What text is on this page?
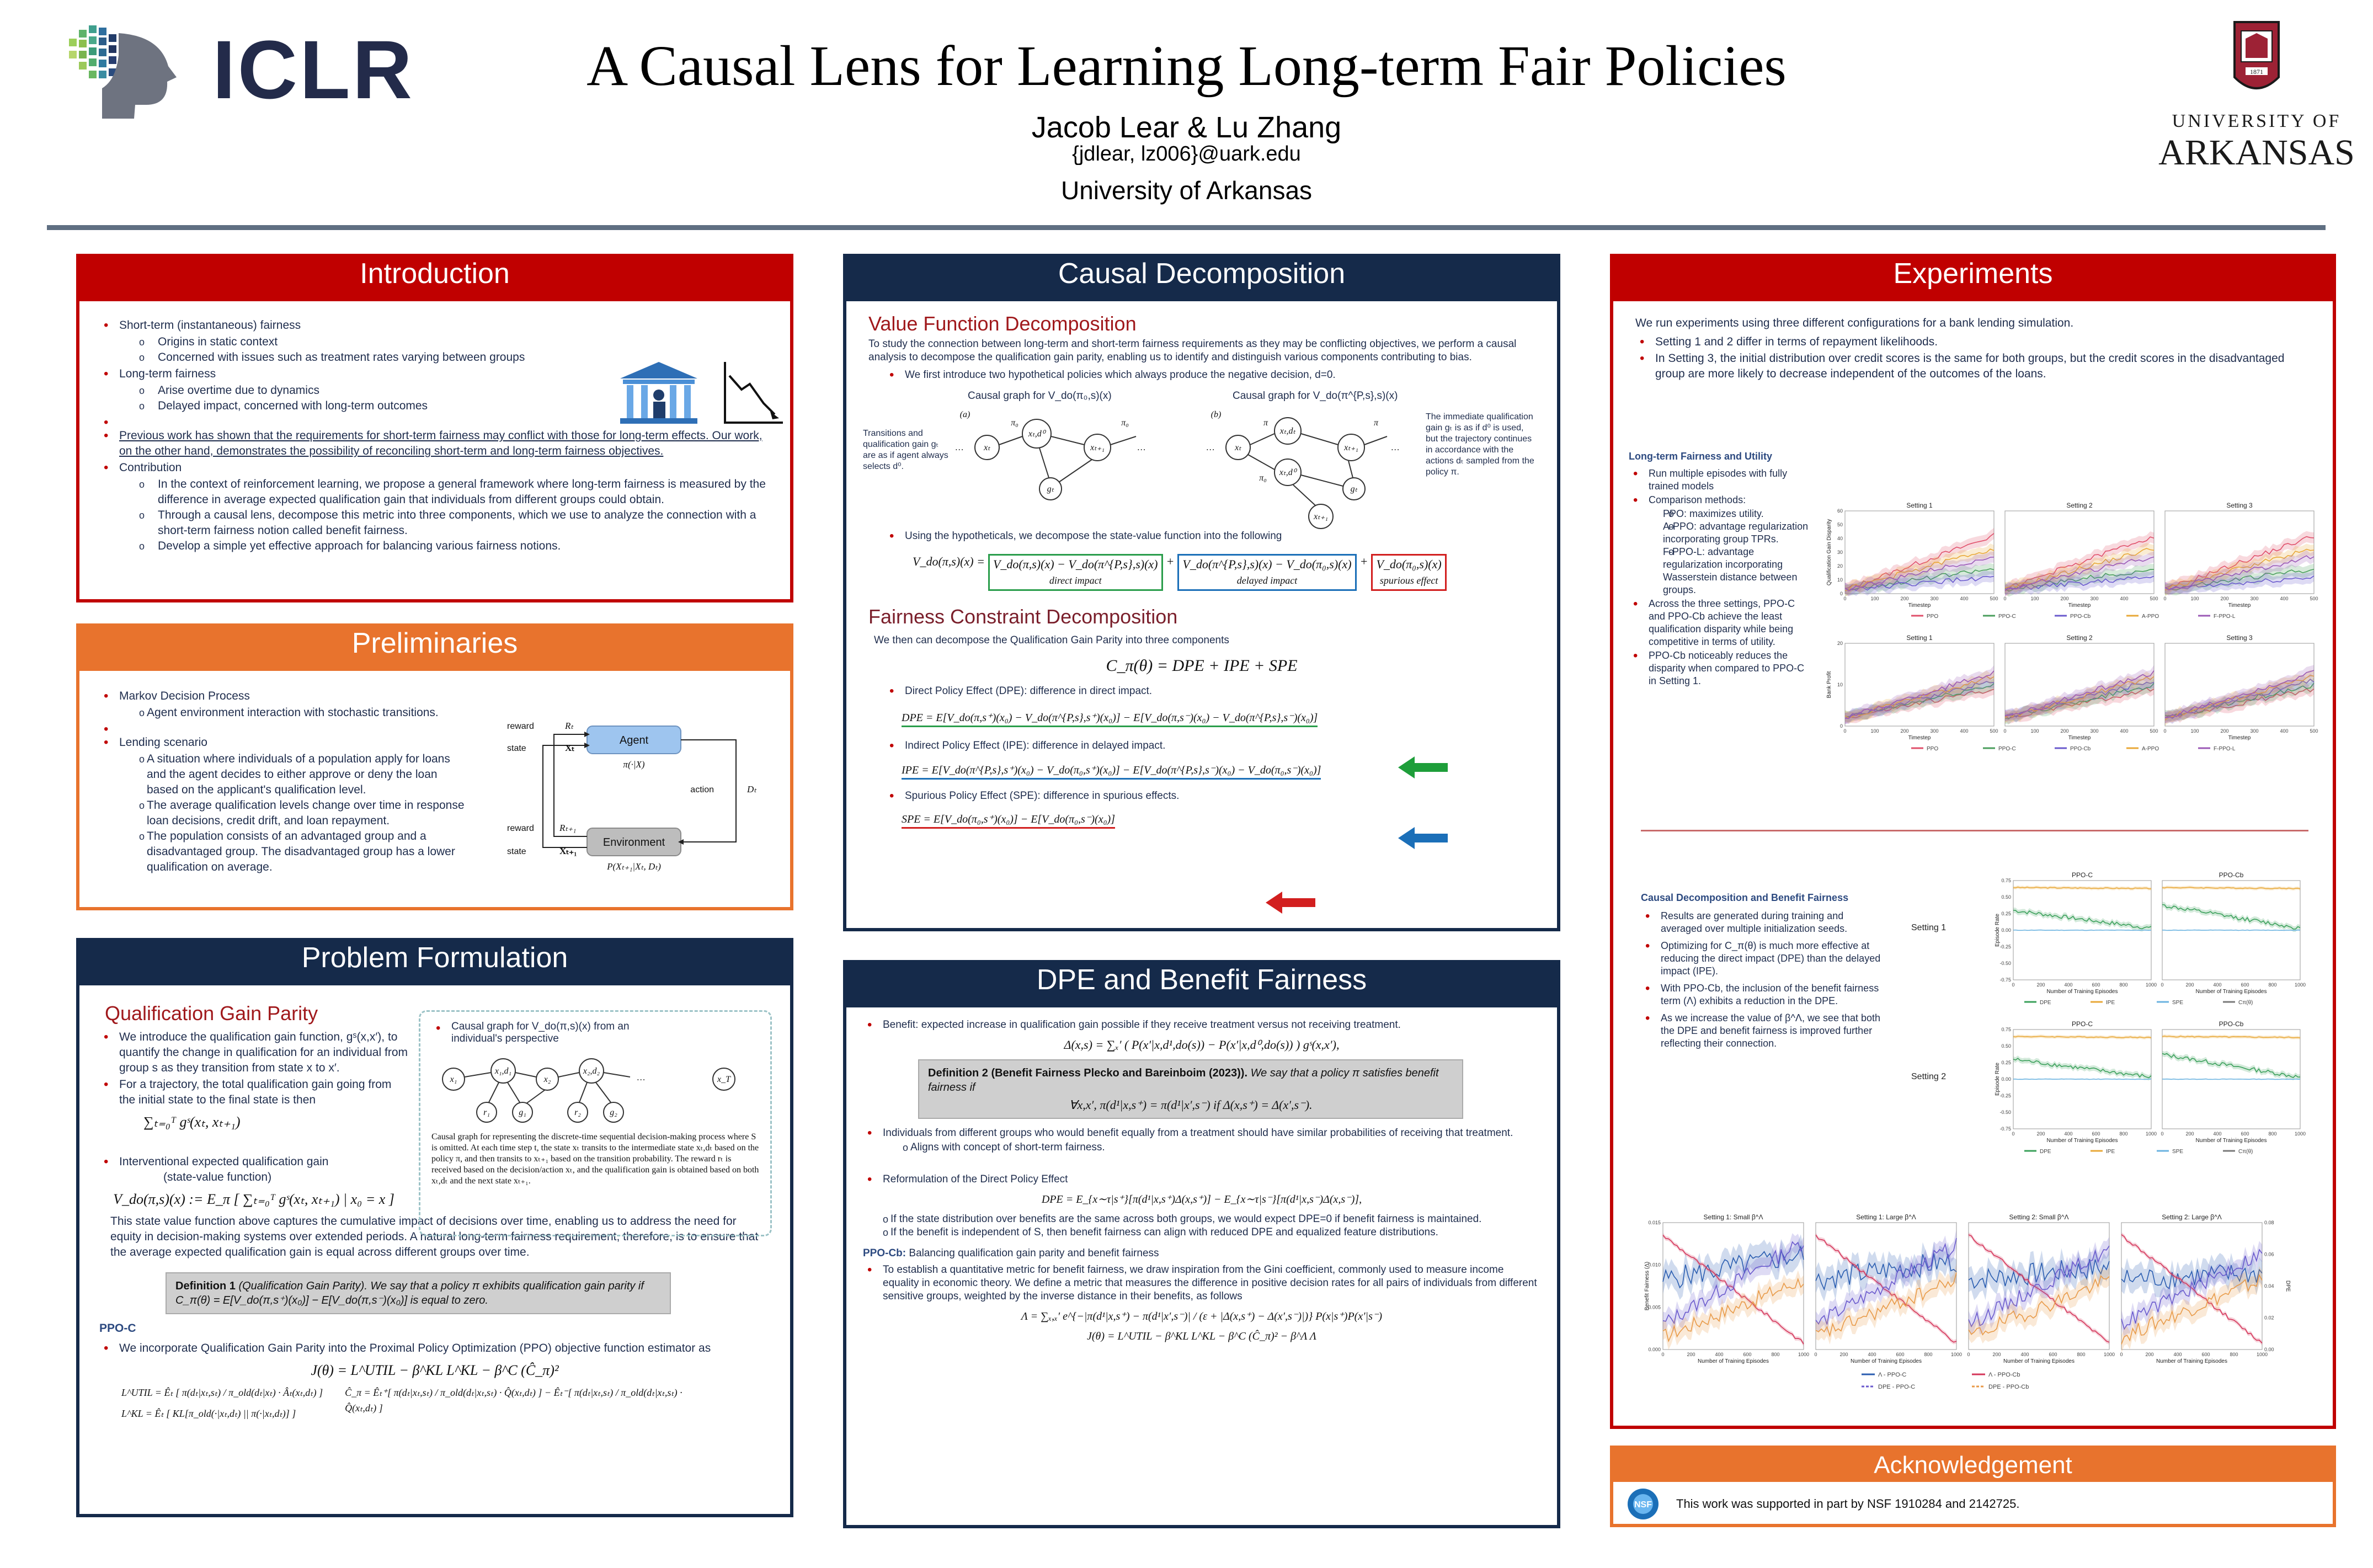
ICLR	A Causal Lens for Learning Long-term Fair Policies
Jacob Lear & Lu Zhang
{jdlear, lz006}@uark.edu
University of Arkansas
1871
UNIVERSITY OF
ARKANSAS
Introduction
• Short-term (instantaneous) fairness
o Origins in static context
o Concerned with issues such as treatment rates varying between groups
• Long-term fairness
o Arise overtime due to dynamics
o Delayed impact, concerned with long-term outcomes
•
• Previous work has shown that the requirements for short-term fairness may conflict with those for long-term effects. Our work, on the other hand, demonstrates the possibility of reconciling short-term and long-term fairness objectives.
• Contribution
o In the context of reinforcement learning, we propose a general framework where long-term fairness is measured by the difference in average expected qualification gain that individuals from different groups could obtain.
o Through a causal lens, decompose this metric into three components, which we use to analyze the connection with a short-term fairness notion called benefit fairness.
o Develop a simple yet effective approach for balancing various fairness notions.
Preliminaries
• Markov Decision Process
o Agent environment interaction with stochastic transitions.
•
• Lending scenario
o A situation where individuals of a population apply for loans and the agent decides to either approve or deny the loan based on the applicant's qualification level.
o The average qualification levels change over time in response loan decisions, credit drift, and loan repayment.
o The population consists of an advantaged group and a disadvantaged group. The disadvantaged group has a lower qualification on average.
Agent
π(·|X)
Environment
P(Xₜ₊₁|Xₜ, Dₜ)
action	Dₜ
reward	Rₜ
state	Xₜ
reward	Rₜ₊₁
state	Xₜ₊₁
Problem Formulation
Qualification Gain Parity
• We introduce the qualification gain function, gˢ(x,x′), to quantify the change in qualification for an individual from group s as they transition from state x to x′.
• For a trajectory, the total qualification gain going from the initial state to the final state is then
∑ₜ₌₀ᵀ gˢ(xₜ, xₜ₊₁)
• Interventional expected qualification gain
(state-value function)
V_do(π,s)(x) := E_π [ ∑ₜ₌₀ᵀ gˢ(xₜ, xₜ₊₁) | x₀ = x ]
This state value function above captures the cumulative impact of decisions over time, enabling us to address the need for equity in decision-making systems over extended periods. A natural long-term fairness requirement, therefore, is to ensure that the average expected qualification gain is equal across different groups over time.
Definition 1 (Qualification Gain Parity). We say that a policy π exhibits qualification gain parity if C_π(θ) = E[V_do(π,s⁺)(x₀)] − E[V_do(π,s⁻)(x₀)] is equal to zero.
PPO-C
• We incorporate Qualification Gain Parity into the Proximal Policy Optimization (PPO) objective function estimator as
J(θ) = L^UTIL − β^KL L^KL − β^C (Ĉ_π)²
L^UTIL = Êₜ [ π(dₜ|xₜ,sₜ) / π_old(dₜ|xₜ) · Âₜ(xₜ,dₜ) ]
L^KL = Êₜ [ KL[π_old(·|xₜ,dₜ) || π(·|xₜ,dₜ)] ]
Ĉ_π = Êₜ⁺[ π(dₜ|xₜ,sₜ) / π_old(dₜ|xₜ,sₜ) · Q̂(xₜ,dₜ) ] − Êₜ⁻[ π(dₜ|xₜ,sₜ) / π_old(dₜ|xₜ,sₜ) · Q̂(xₜ,dₜ) ]
• Causal graph for V_do(π,s)(x) from an individual's perspective
x₁
x₁,d₁
x₂
x₂,d₂
x_T
r₁	g₁	r₂	g₂
…
Causal graph for representing the discrete-time sequential decision-making process where S is omitted. At each time step t, the state xₜ transits to the intermediate state xₜ,dₜ based on the policy π, and then transits to xₜ₊₁ based on the transition probability. The reward rₜ is received based on the decision/action xₜ, and the qualification gain is obtained based on both xₜ,dₜ and the next state xₜ₊₁.
Causal Decomposition
Value Function Decomposition
To study the connection between long-term and short-term fairness requirements as they may be conflicting objectives, we perform a causal analysis to decompose the qualification gain parity, enabling us to identify and distinguish various components contributing to bias.
• We first introduce two hypothetical policies which always produce the negative decision, d=0.
Causal graph for V_do(π₀,s)(x)	Causal graph for V_do(π^{P,s},s)(x)
Transitions and qualification gain gₜ are as if agent always selects d⁰.
The immediate qualification gain gₜ is as if d⁰ is used, but the trajectory continues in accordance with the actions dₜ sampled from the policy π.
(a)
… xₜ
xₜ,d⁰
xₜ₊₁
gₜ
π₀	π₀
…
(b)
… xₜ
xₜ,dₜ
xₜ,d⁰
xₜ₊₁
gₜ
xₜ₊₁
π
π₀
π
…
• Using the hypotheticals, we decompose the state-value function into the following
V_do(π,s)(x) = V_do(π,s)(x) − V_do(π^{P,s},s)(x)
direct impact
+ V_do(π^{P,s},s)(x) − V_do(π₀,s)(x)
delayed impact
+ V_do(π₀,s)(x)
spurious effect
Fairness Constraint Decomposition
We then can decompose the Qualification Gain Parity into three components
C_π(θ) = DPE + IPE + SPE
• Direct Policy Effect (DPE): difference in direct impact.
DPE = E[V_do(π,s⁺)(x₀) − V_do(π^{P,s},s⁺)(x₀)] − E[V_do(π,s⁻)(x₀) − V_do(π^{P,s},s⁻)(x₀)]
• Indirect Policy Effect (IPE): difference in delayed impact.
IPE = E[V_do(π^{P,s},s⁺)(x₀) − V_do(π₀,s⁺)(x₀)] − E[V_do(π^{P,s},s⁻)(x₀) − V_do(π₀,s⁻)(x₀)]
• Spurious Policy Effect (SPE): difference in spurious effects.
SPE = E[V_do(π₀,s⁺)(x₀)] − E[V_do(π₀,s⁻)(x₀)]
DPE and Benefit Fairness
• Benefit: expected increase in qualification gain possible if they receive treatment versus not receiving treatment.
Δ(x,s) = ∑ₓ′ ( P(x′|x,d¹,do(s)) − P(x′|x,d⁰,do(s)) ) gˢ(x,x′),
Definition 2 (Benefit Fairness Plecko and Bareinboim (2023)). We say that a policy π satisfies benefit fairness if
∀x,x′, π(d¹|x,s⁺) = π(d¹|x′,s⁻) if Δ(x,s⁺) = Δ(x′,s⁻).
• Individuals from different groups who would benefit equally from a treatment should have similar probabilities of receiving that treatment.
o Aligns with concept of short-term fairness.
• Reformulation of the Direct Policy Effect
DPE = E_{x∼τ|s⁺}[π(d¹|x,s⁺)Δ(x,s⁺)] − E_{x∼τ|s⁻}[π(d¹|x,s⁻)Δ(x,s⁻)],
o If the state distribution over benefits are the same across both groups, we would expect DPE=0 if benefit fairness is maintained.
o If the benefit is independent of S, then benefit fairness can align with reduced DPE and equalized feature distributions.
PPO-Cb: Balancing qualification gain parity and benefit fairness
• To establish a quantitative metric for benefit fairness, we draw inspiration from the Gini coefficient, commonly used to measure income equality in economic theory. We define a metric that measures the difference in positive decision rates for all pairs of individuals from different sensitive groups, weighted by the inverse distance in their benefits, as follows
Λ = ∑ₓ,ₓ′ e^{−|π(d¹|x,s⁺) − π(d¹|x′,s⁻)| / (ε + |Δ(x,s⁺) − Δ(x′,s⁻)|)} P(x|s⁺)P(x′|s⁻)
J(θ) = L^UTIL − β^KL L^KL − β^C (Ĉ_π)² − β^Λ Λ
Experiments
We run experiments using three different configurations for a bank lending simulation.
• Setting 1 and 2 differ in terms of repayment likelihoods.
• In Setting 3, the initial distribution over credit scores is the same for both groups, but the credit scores in the disadvantaged group are more likely to decrease independent of the outcomes of the loans.
Long-term Fairness and Utility
• Run multiple episodes with fully trained models
• Comparison methods:
o PPO: maximizes utility.
o A-PPO: advantage regularization incorporating group TPRs.
o F-PPO-L: advantage regularization incorporating Wasserstein distance between groups.
• Across the three settings, PPO-C and PPO-Cb achieve the least qualification disparity while being competitive in terms of utility.
• PPO-Cb noticeably reduces the disparity when compared to PPO-C in Setting 1.
Setting 1
0	100	200	300	400	500
0
10
20
30
40
50
60
Timestep
Qualification Gain Disparity
Setting 2
0	100	200	300	400	500
Timestep
Setting 3
0	100	200	300	400	500
Timestep
PPO	PPO-C	PPO-Cb	A-PPO	F-PPO-L
Setting 1
0	100	200	300	400	500
0
10
20
Timestep
Bank Profit
Setting 2
0	100	200	300	400	500
Timestep
Setting 3
0	100	200	300	400	500
Timestep
PPO	PPO-C	PPO-Cb	A-PPO	F-PPO-L
Causal Decomposition and Benefit Fairness
• Results are generated during training and averaged over multiple initialization seeds.
• Optimizing for C_π(θ) is much more effective at reducing the direct impact (DPE) than the delayed impact (IPE).
• With PPO-Cb, the inclusion of the benefit fairness term (Λ) exhibits a reduction in the DPE.
• As we increase the value of β^Λ, we see that both the DPE and benefit fairness is improved further reflecting their connection.
Setting 1
PPO-C
0	200	400	600	800	1000
-0.75
-0.50
-0.25
0.00
0.25
0.50
0.75
Number of Training Episodes
Episode Rate
PPO-Cb
0	200	400	600	800	1000
Number of Training Episodes
DPE	IPE	SPE	Cπ(θ)
Setting 2
PPO-C
0	200	400	600	800	1000
-0.75
-0.50
-0.25
0.00
0.25
0.50
0.75
Number of Training Episodes
Episode Rate
PPO-Cb
0	200	400	600	800	1000
Number of Training Episodes
DPE	IPE	SPE	Cπ(θ)
Setting 1: Small β^Λ
0	200	400	600	800	1000
0.000
0.005
0.010
0.015
Number of Training Episodes
Benefit Fairness (Λ)
Setting 1: Large β^Λ
0	200	400	600	800	1000
Number of Training Episodes
Setting 2: Small β^Λ
0	200	400	600	800	1000
Number of Training Episodes
Setting 2: Large β^Λ
0	200	400	600	800	1000
Number of Training Episodes
0.00
0.02
0.04
0.06
0.08
DPE
Λ - PPO-C	Λ - PPO-Cb
DPE - PPO-C	DPE - PPO-Cb
Acknowledgement
NSF This work was supported in part by NSF 1910284 and 2142725.
